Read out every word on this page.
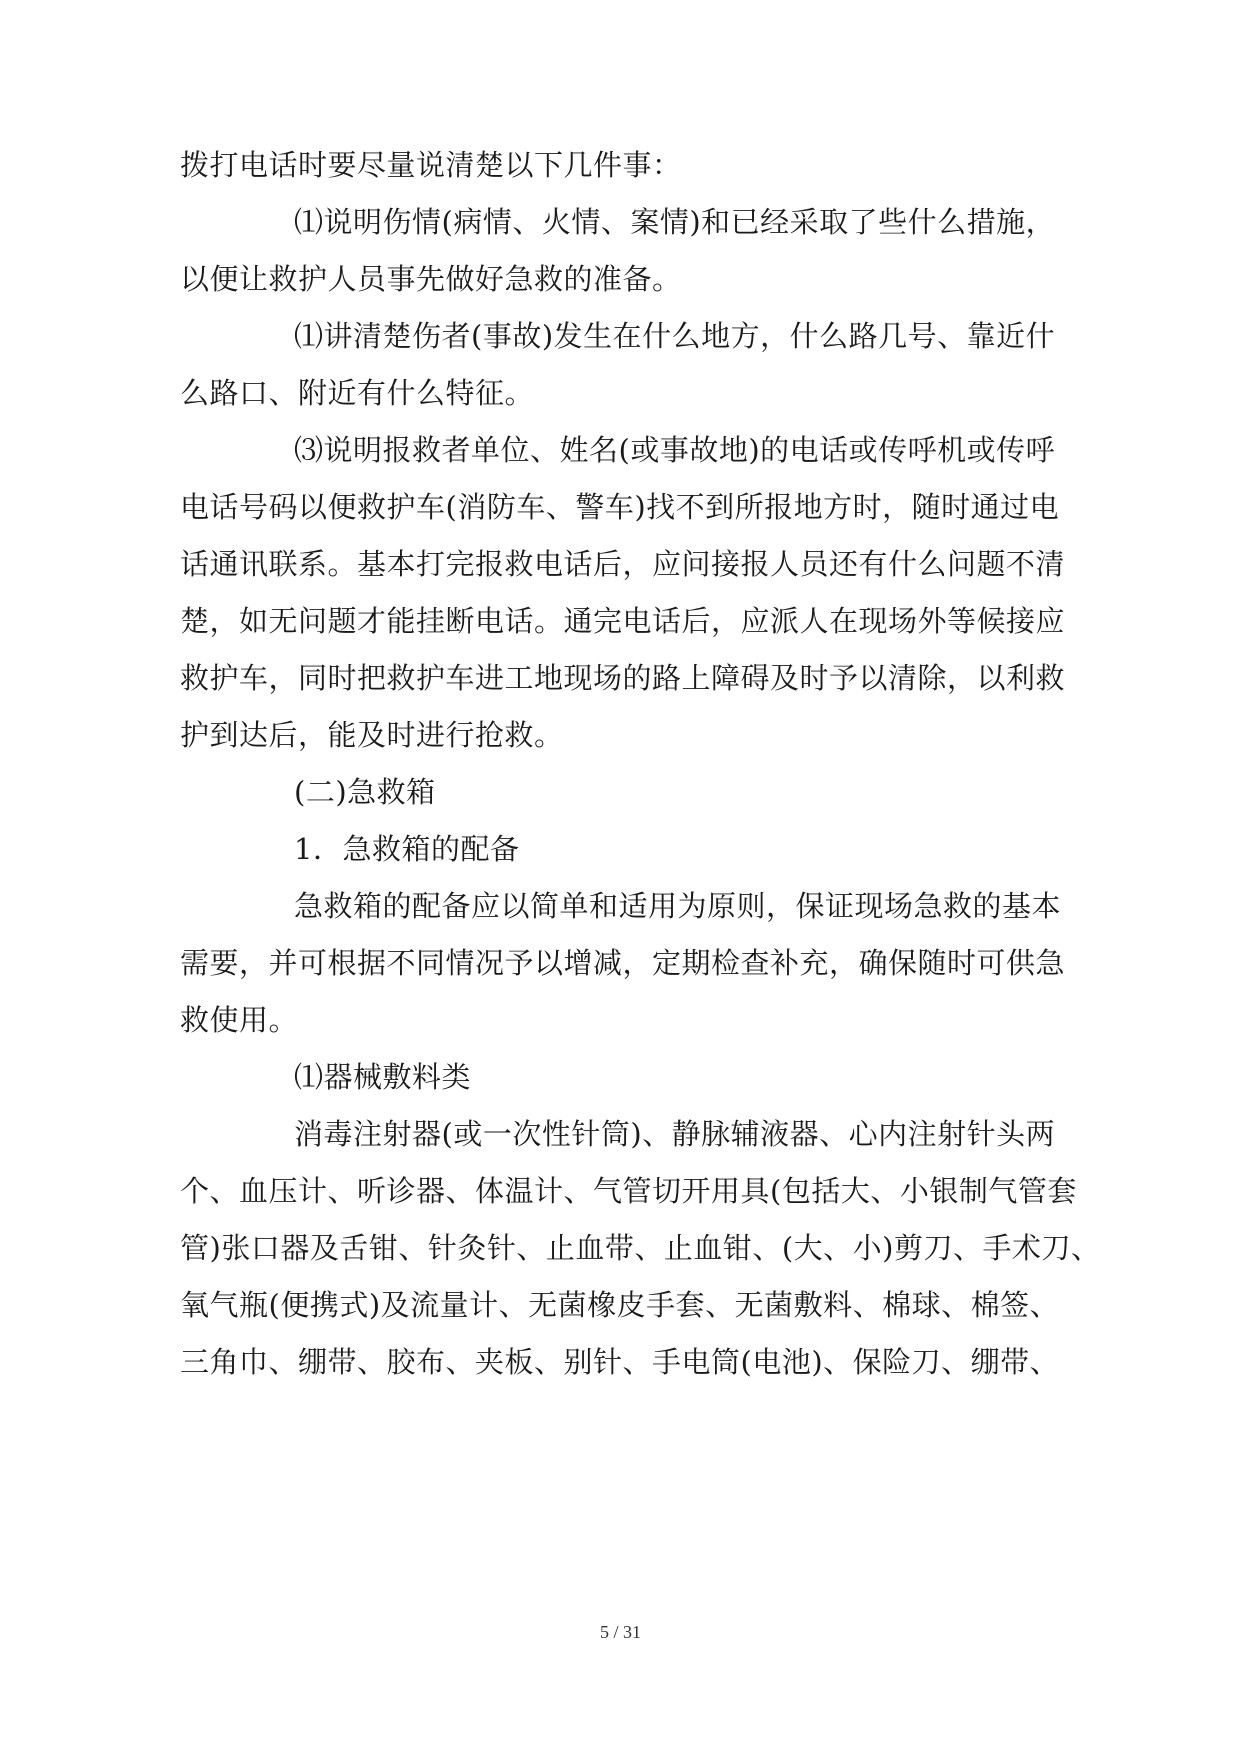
拨打电话时要尽量说清楚以下几件事：
⑴说明伤情(病情、火情、案情)和已经采取了些什么措施，
以便让救护人员事先做好急救的准备。
⑴讲清楚伤者(事故)发生在什么地方，什么路几号、靠近什
么路口、附近有什么特征。
⑶说明报救者单位、姓名(或事故地)的电话或传呼机或传呼
电话号码以便救护车(消防车、警车)找不到所报地方时，随时通过电
话通讯联系。基本打完报救电话后，应问接报人员还有什么问题不清
楚，如无问题才能挂断电话。通完电话后，应派人在现场外等候接应
救护车，同时把救护车进工地现场的路上障碍及时予以清除，以利救
护到达后，能及时进行抢救。
(二)急救箱
1．急救箱的配备
急救箱的配备应以简单和适用为原则，保证现场急救的基本
需要，并可根据不同情况予以增减，定期检查补充，确保随时可供急
救使用。
⑴器械敷料类
消毒注射器(或一次性针筒)、静脉辅液器、心内注射针头两
个、血压计、听诊器、体温计、气管切开用具(包括大、小银制气管套
管)张口器及舌钳、针灸针、止血带、止血钳、(大、小)剪刀、手术刀、
氧气瓶(便携式)及流量计、无菌橡皮手套、无菌敷料、棉球、棉签、
三角巾、绷带、胶布、夹板、别针、手电筒(电池)、保险刀、绷带、
5 / 31
